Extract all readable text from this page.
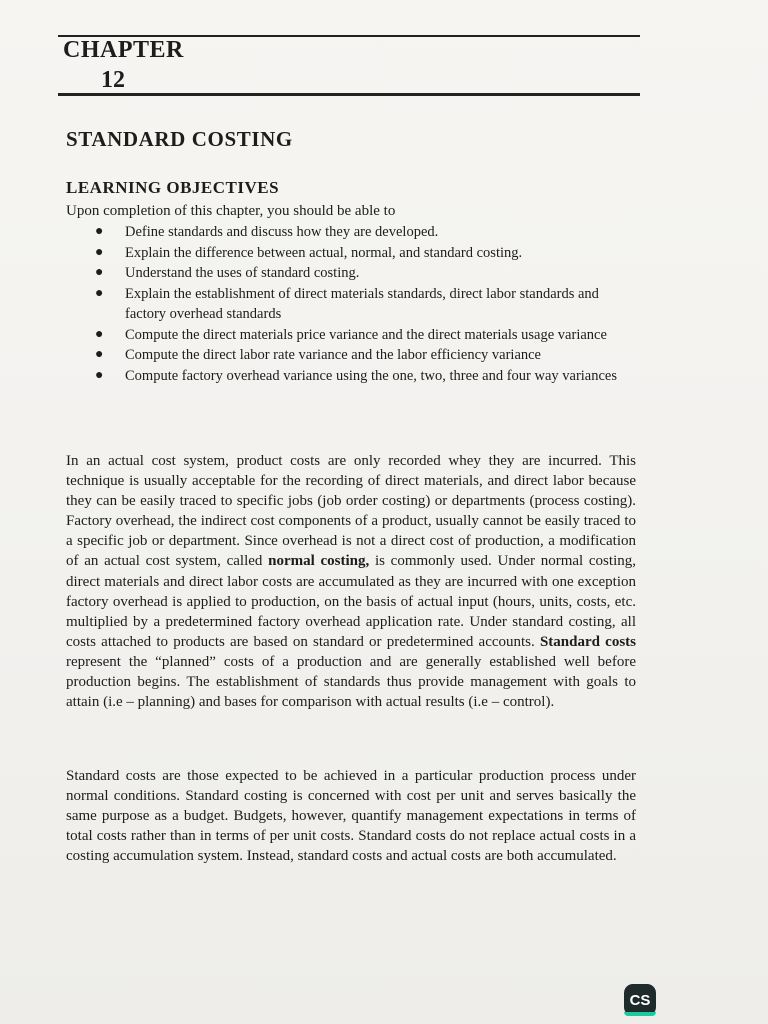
CHAPTER
12
STANDARD COSTING
LEARNING OBJECTIVES
Upon completion of this chapter, you should be able to
● Define standards and discuss how they are developed.
● Explain the difference between actual, normal, and standard costing.
● Understand the uses of standard costing.
● Explain the establishment of direct materials standards, direct labor standards and factory overhead standards
● Compute the direct materials price variance and the direct materials usage variance
● Compute the direct labor rate variance and the labor efficiency variance
● Compute factory overhead variance using the one, two, three and four way variances

In an actual cost system, product costs are only recorded whey they are incurred. This technique is usually acceptable for the recording of direct materials, and direct labor because they can be easily traced to specific jobs (job order costing) or departments (process costing). Factory overhead, the indirect cost components of a product, usually cannot be easily traced to a specific job or department. Since overhead is not a direct cost of production, a modification of an actual cost system, called normal costing, is commonly used. Under normal costing, direct materials and direct labor costs are accumulated as they are incurred with one exception factory overhead is applied to production, on the basis of actual input (hours, units, costs, etc. multiplied by a predetermined factory overhead application rate. Under standard costing, all costs attached to products are based on standard or predetermined accounts. Standard costs represent the “planned” costs of a production and are generally established well before production begins. The establishment of standards thus provide management with goals to attain (i.e – planning) and bases for comparison with actual results (i.e – control).

Standard costs are those expected to be achieved in a particular production process under normal conditions. Standard costing is concerned with cost per unit and serves basically the same purpose as a budget. Budgets, however, quantify management expectations in terms of total costs rather than in terms of per unit costs. Standard costs do not replace actual costs in a costing accumulation system. Instead, standard costs and actual costs are both accumulated.

CS
